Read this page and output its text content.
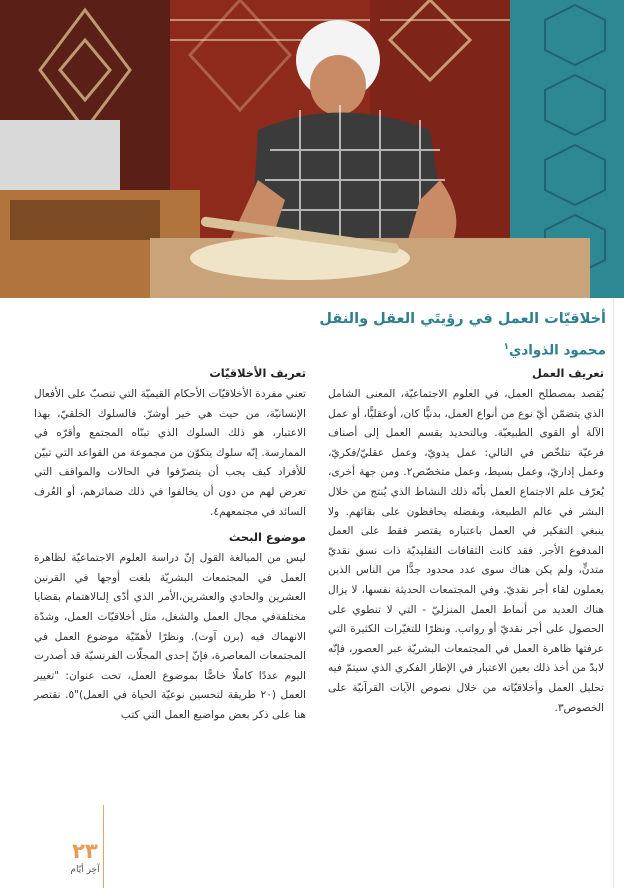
أخلاقيّات العمل في رؤيتَي العقل والنقل
محمود الذوادي$^١$
تعريف العمل

يُقصد بمصطلح العمل، في العلوم الاجتماعيّة، المعنى الشامل الذي يتضمّن أيّ نوع من أنواع العمل، بدنيًّا كان، أوعقليًّا، أو عمل الآلة أو القوى الطبيعيّة. وبالتحديد يقسم العمل إلى أصناف فرعيّة تتلخّص في التالي: عمل يدويّ، وعمل عقليّ/فكريّ، وعمل إداريّ، وعمل بسيط، وعمل متخصّص٢. ومن جهة أخرى، يُعرّف علم الاجتماع العمل بأنّه ذلك النشاط الذي يُنتج من خلال البشر في عالم الطبيعة، وبفضله يحافظون على بقائهم. ولا ينبغي التفكير في العمل باعتباره يقتصر فقط على العمل المدفوع الأجر. فقد كانت الثقافات التقليديّة ذات نسق نقديّ متدنٍّ، ولم يكن هناك سوى عدد محدود جدًّا من الناس الذين يعملون لقاء أجر نقديّ. وفي المجتمعات الحديثة نفسها، لا يزال هناك العديد من أنماط العمل المنزليّ - التي لا تنطوي على الحصول على أجر نقديّ أو رواتب. ونظرًا للتغيّرات الكثيرة التي عرفتها ظاهرة العمل في المجتمعات البشريّة عبر العصور، فإنّه لابدّ من أخذ ذلك بعين الاعتبار في الإطار الفكري الذي سيتمّ فيه تحليل العمل وأخلاقيّاته من خلال نصوص الآيات القرآنيّة على الخصوص٣.

تعريف الأخلاقيّات

تعني مفردة الأخلاقيّات الأحكام القيميّة التي تنصبّ على الأفعال الإنسانيّة، من حيث هي خير أوشرّ. فالسلوك الخلقيّ، بهذا الاعتبار، هو ذلك السلوك الذي تبنّاه المجتمع وأقرّه في الممارسة. إنّه سلوك يتكوّن من مجموعة من القواعد التي تبيّن للأفراد كيف يجب أن يتصرّفوا في الحالات والمواقف التي تعرض لهم من دون أن يخالفوا في ذلك ضمائرهم، أو العُرف السائد في مجتمعهم٤.

موضوع البحث

ليس من المبالغة القول إنّ دراسة العلوم الاجتماعيّة لظاهرة العمل في المجتمعات البشريّة بلغت أوجها في القرنين العشرين والحادي والعشرين،الأمر الذي أدّى إلىالاهتمام بقضايا مختلفةفي مجال العمل والشغل، مثل أخلاقيّات العمل، وشدّة الانهماك فيه (برن آوت). ونظرًا لأهمّيّة موضوع العمل في المجتمعات المعاصرة، فإنّ إحدى المجلّات الفرنسيّة قد أصدرت اليوم عددًا كاملًا خاصًّا بموضوع العمل، تحت عنوان: "تغيير العمل (٢٠ طريقة لتحسين نوعيّة الحياة في العمل)"٥. نقتصر هنا على ذكر بعض مواضيع العمل التي كتب

٢٣
آخِر أيّام
